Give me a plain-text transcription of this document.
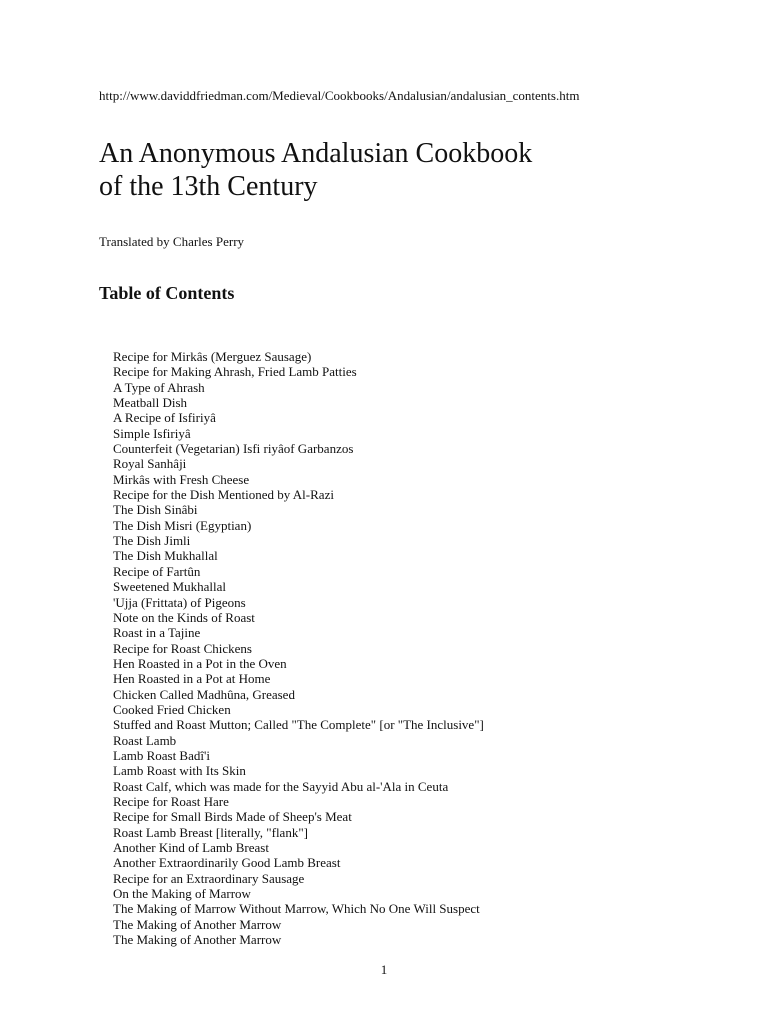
http://www.daviddfriedman.com/Medieval/Cookbooks/Andalusian/andalusian_contents.htm
An Anonymous Andalusian Cookbook
of the 13th Century
Translated by Charles Perry
Table of Contents
Recipe for Mirkâs (Merguez Sausage)
Recipe for Making Ahrash, Fried Lamb Patties
A Type of Ahrash
Meatball Dish
A Recipe of Isfiriyâ
Simple Isfiriyâ
Counterfeit (Vegetarian) Isfi riyâof Garbanzos
Royal Sanhâji
Mirkâs with Fresh Cheese
Recipe for the Dish Mentioned by Al-Razi
The Dish Sinâbi
The Dish Misri (Egyptian)
The Dish Jimli
The Dish Mukhallal
Recipe of Fartûn
Sweetened Mukhallal
'Ujja (Frittata) of Pigeons
Note on the Kinds of Roast
Roast in a Tajine
Recipe for Roast Chickens
Hen Roasted in a Pot in the Oven
Hen Roasted in a Pot at Home
Chicken Called Madhûna, Greased
Cooked Fried Chicken
Stuffed and Roast Mutton; Called "The Complete" [or "The Inclusive"]
Roast Lamb
Lamb Roast Badî'i
Lamb Roast with Its Skin
Roast Calf, which was made for the Sayyid Abu al-'Ala in Ceuta
Recipe for Roast Hare
Recipe for Small Birds Made of Sheep's Meat
Roast Lamb Breast [literally, "flank"]
Another Kind of Lamb Breast
Another Extraordinarily Good Lamb Breast
Recipe for an Extraordinary Sausage
On the Making of Marrow
The Making of Marrow Without Marrow, Which No One Will Suspect
The Making of Another Marrow
The Making of Another Marrow
1
